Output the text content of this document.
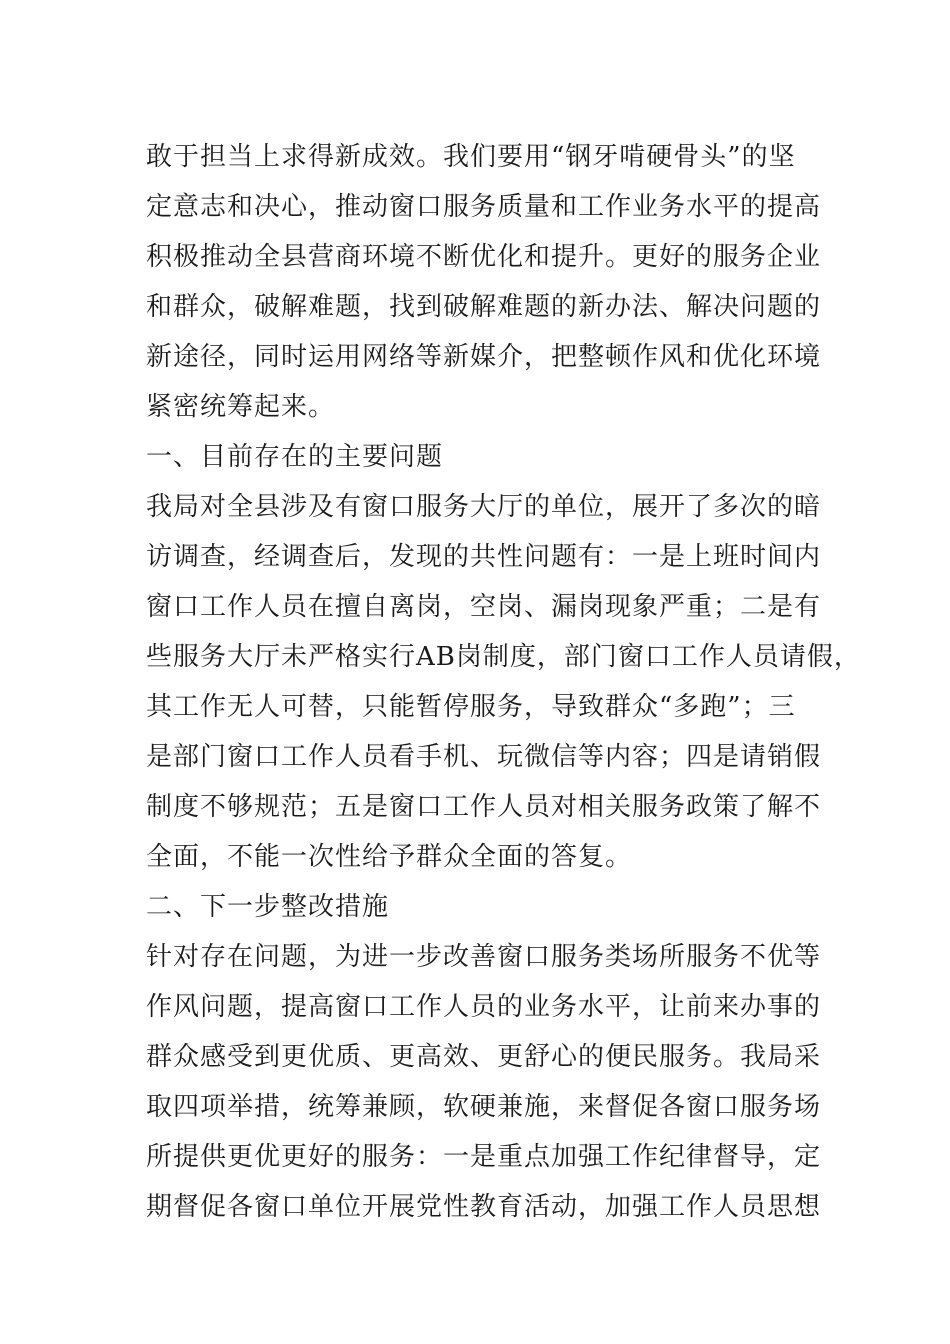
敢于担当上求得新成效。我们要用“钢牙啃硬骨头”的坚
定意志和决心，推动窗口服务质量和工作业务水平的提高
积极推动全县营商环境不断优化和提升。更好的服务企业
和群众，破解难题，找到破解难题的新办法、解决问题的
新途径，同时运用网络等新媒介，把整顿作风和优化环境
紧密统筹起来。
一、目前存在的主要问题
我局对全县涉及有窗口服务大厅的单位，展开了多次的暗
访调查，经调查后，发现的共性问题有：一是上班时间内
窗口工作人员在擅自离岗，空岗、漏岗现象严重；二是有
些服务大厅未严格实行AB岗制度，部门窗口工作人员请假，
其工作无人可替，只能暂停服务，导致群众“多跑”；三
是部门窗口工作人员看手机、玩微信等内容；四是请销假
制度不够规范；五是窗口工作人员对相关服务政策了解不
全面，不能一次性给予群众全面的答复。
二、下一步整改措施
针对存在问题，为进一步改善窗口服务类场所服务不优等
作风问题，提高窗口工作人员的业务水平，让前来办事的
群众感受到更优质、更高效、更舒心的便民服务。我局采
取四项举措，统筹兼顾，软硬兼施，来督促各窗口服务场
所提供更优更好的服务：一是重点加强工作纪律督导，定
期督促各窗口单位开展党性教育活动，加强工作人员思想
